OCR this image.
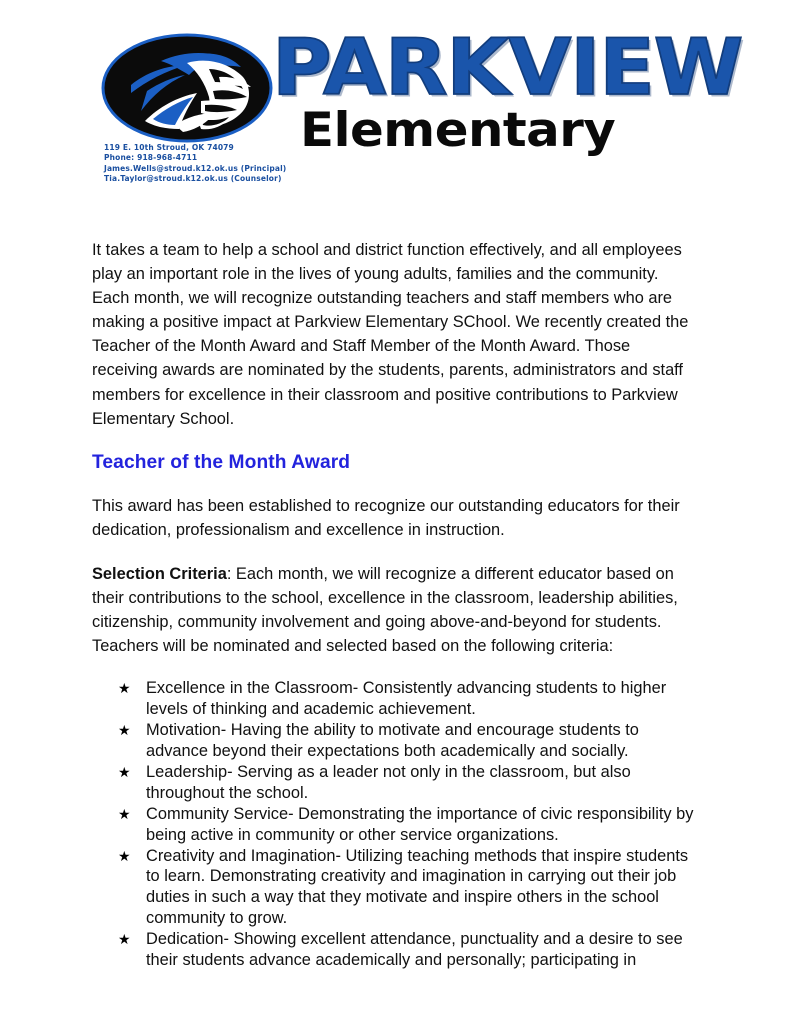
PARKVIEW
Elementary
119 E. 10th Stroud, OK 74079
Phone: 918-968-4711
James.Wells@stroud.k12.ok.us (Principal)
Tia.Taylor@stroud.k12.ok.us (Counselor)

It takes a team to help a school and district function effectively, and all employees play an important role in the lives of young adults, families and the community. Each month, we will recognize outstanding teachers and staff members who are making a positive impact at Parkview Elementary SChool. We recently created the Teacher of the Month Award and Staff Member of the Month Award. Those receiving awards are nominated by the students, parents, administrators and staff members for excellence in their classroom and positive contributions to Parkview Elementary School.

Teacher of the Month Award

This award has been established to recognize our outstanding educators for their dedication, professionalism and excellence in instruction.

Selection Criteria: Each month, we will recognize a different educator based on their contributions to the school, excellence in the classroom, leadership abilities, citizenship, community involvement and going above-and-beyond for students. Teachers will be nominated and selected based on the following criteria:

★ Excellence in the Classroom- Consistently advancing students to higher levels of thinking and academic achievement.
★ Motivation- Having the ability to motivate and encourage students to advance beyond their expectations both academically and socially.
★ Leadership- Serving as a leader not only in the classroom, but also throughout the school.
★ Community Service- Demonstrating the importance of civic responsibility by being active in community or other service organizations.
★ Creativity and Imagination- Utilizing teaching methods that inspire students to learn. Demonstrating creativity and imagination in carrying out their job duties in such a way that they motivate and inspire others in the school community to grow.
★ Dedication- Showing excellent attendance, punctuality and a desire to see their students advance academically and personally; participating in
